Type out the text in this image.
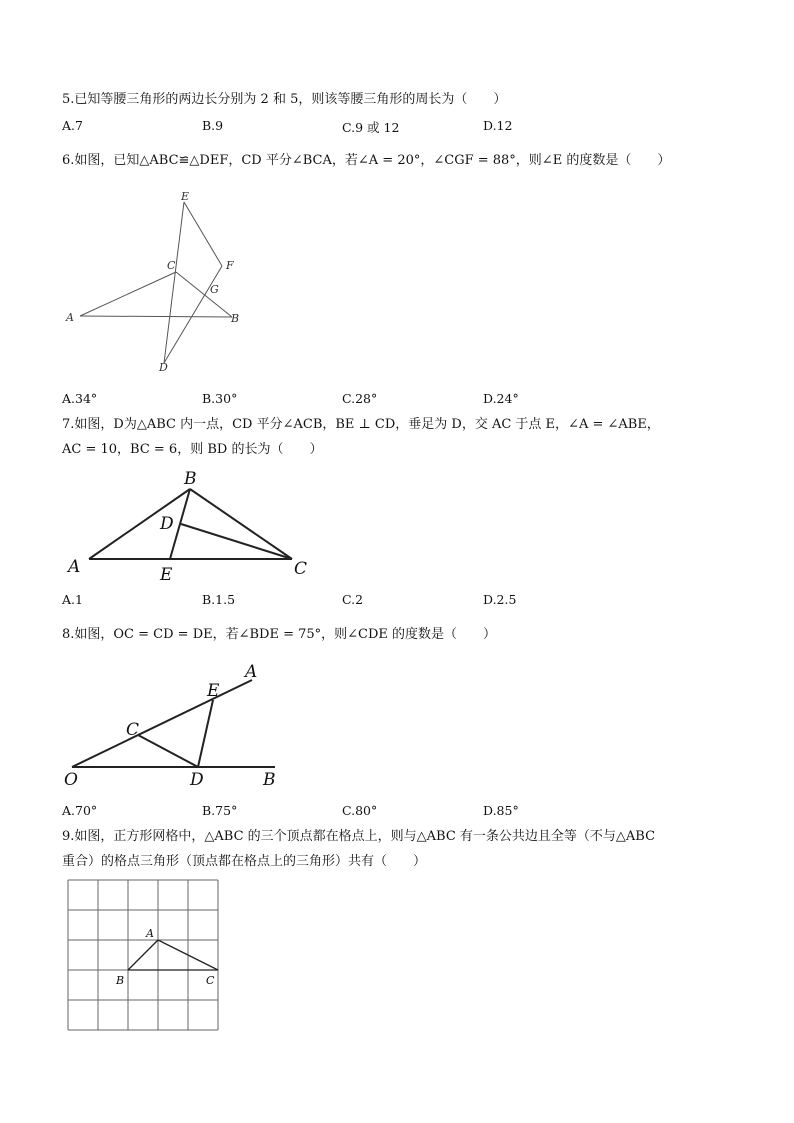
5.已知等腰三角形的两边长分别为 2 和 5，则该等腰三角形的周长为（　　）
A.7	B.9	C.9 或 12	D.12
6.如图，已知△ABC≌△DEF，CD 平分∠BCA，若∠A = 20°，∠CGF = 88°，则∠E 的度数是（　　）
E
C	F
G
A	B
D
A.34°	B.30°	C.28°	D.24°
7.如图，D为△ABC 内一点，CD 平分∠ACB，BE ⊥ CD，垂足为 D，交 AC 于点 E，∠A = ∠ABE，
AC = 10，BC = 6，则 BD 的长为（　　）
B
D
A	E	C
A.1	B.1.5	C.2	D.2.5
8.如图，OC = CD = DE，若∠BDE = 75°，则∠CDE 的度数是（　　）
A
E
C
O	D	B
A.70°	B.75°	C.80°	D.85°
9.如图，正方形网格中，△ABC 的三个顶点都在格点上，则与△ABC 有一条公共边且全等（不与△ABC
重合）的格点三角形（顶点都在格点上的三角形）共有（　　）
A
B	C
